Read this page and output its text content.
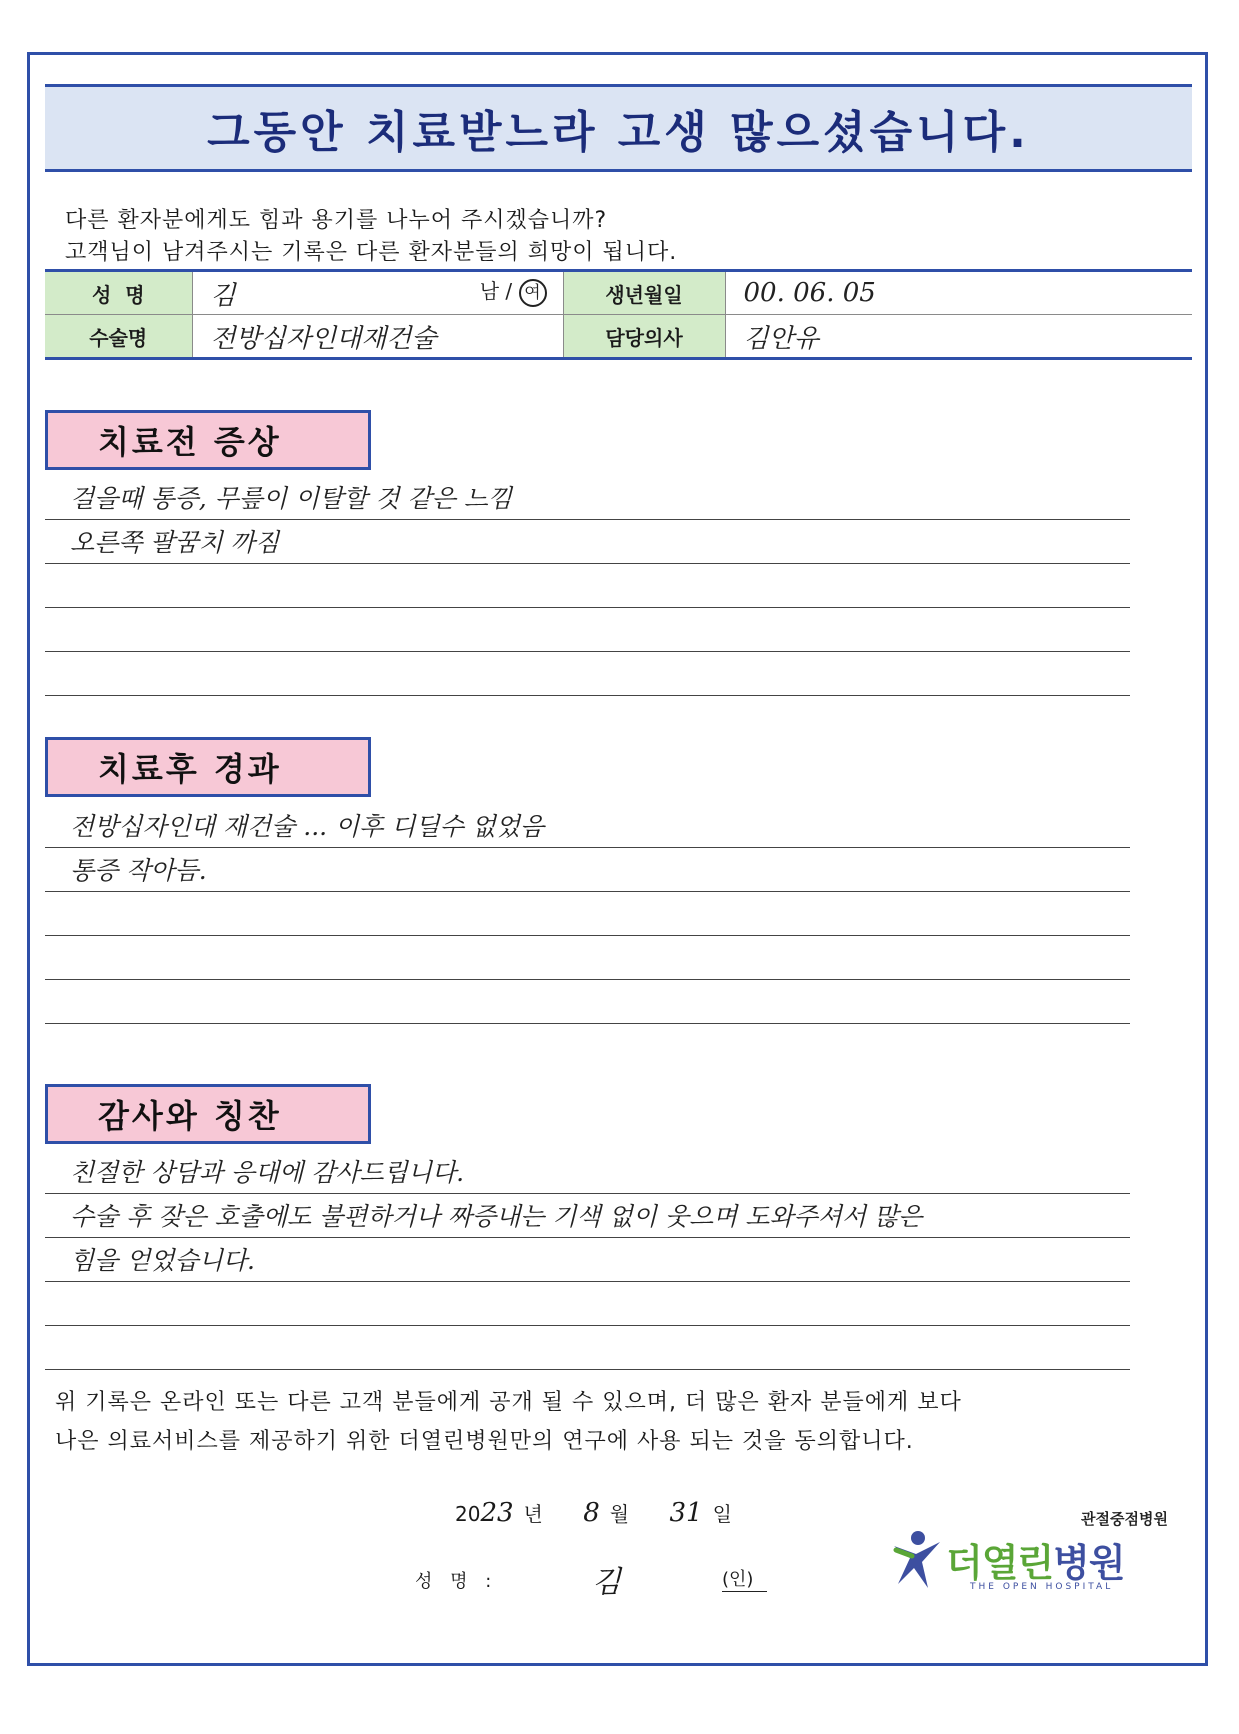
그동안 치료받느라 고생 많으셨습니다.
다른 환자분에게도 힘과 용기를 나누어 주시겠습니까?
고객님이 남겨주시는 기록은 다른 환자분들의 희망이 됩니다.
성  명	김 남 / 여	생년월일	00. 06. 05
수술명	전방십자인대재건술	담당의사	김안유
치료전 증상
걸을때 통증, 무릎이 이탈할 것 같은 느낌
오른쪽 팔꿈치 까짐
치료후 경과
전방십자인대 재건술 ... 이후 디딜수 없었음
통증 작아듬.
감사와 칭찬
친절한 상담과 응대에 감사드립니다.
수술 후 잦은 호출에도 불편하거나 짜증내는 기색 없이 웃으며 도와주셔서 많은
힘을 얻었습니다.
위 기록은 온라인 또는 다른 고객 분들에게 공개 될 수 있으며, 더 많은 환자 분들에게 보다
나은 의료서비스를 제공하기 위한 더열린병원만의 연구에 사용 되는 것을 동의합니다.
2023 년 8 월 31 일
성 명 :	김	(인)
관절중점병원
더열린병원
THE OPEN HOSPITAL
